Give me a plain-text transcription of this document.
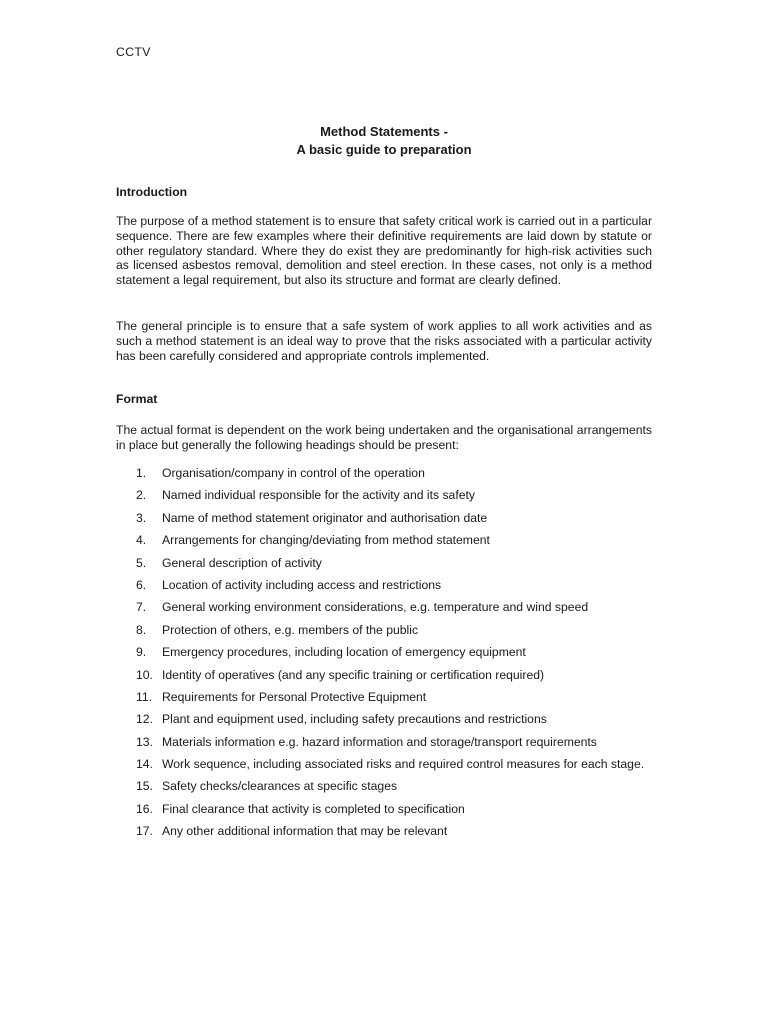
CCTV
Method Statements -
A basic guide to preparation
Introduction

The purpose of a method statement is to ensure that safety critical work is carried out in a particular sequence. There are few examples where their definitive requirements are laid down by statute or other regulatory standard. Where they do exist they are predominantly for high-risk activities such as licensed asbestos removal, demolition and steel erection. In these cases, not only is a method statement a legal requirement, but also its structure and format are clearly defined.

The general principle is to ensure that a safe system of work applies to all work activities and as such a method statement is an ideal way to prove that the risks associated with a particular activity has been carefully considered and appropriate controls implemented.

Format

The actual format is dependent on the work being undertaken and the organisational arrangements in place but generally the following headings should be present:

1. Organisation/company in control of the operation
2. Named individual responsible for the activity and its safety
3. Name of method statement originator and authorisation date
4. Arrangements for changing/deviating from method statement
5. General description of activity
6. Location of activity including access and restrictions
7. General working environment considerations, e.g. temperature and wind speed
8. Protection of others, e.g. members of the public
9. Emergency procedures, including location of emergency equipment
10. Identity of operatives (and any specific training or certification required)
11. Requirements for Personal Protective Equipment
12. Plant and equipment used, including safety precautions and restrictions
13. Materials information e.g. hazard information and storage/transport requirements
14. Work sequence, including associated risks and required control measures for each stage.
15. Safety checks/clearances at specific stages
16. Final clearance that activity is completed to specification
17. Any other additional information that may be relevant
